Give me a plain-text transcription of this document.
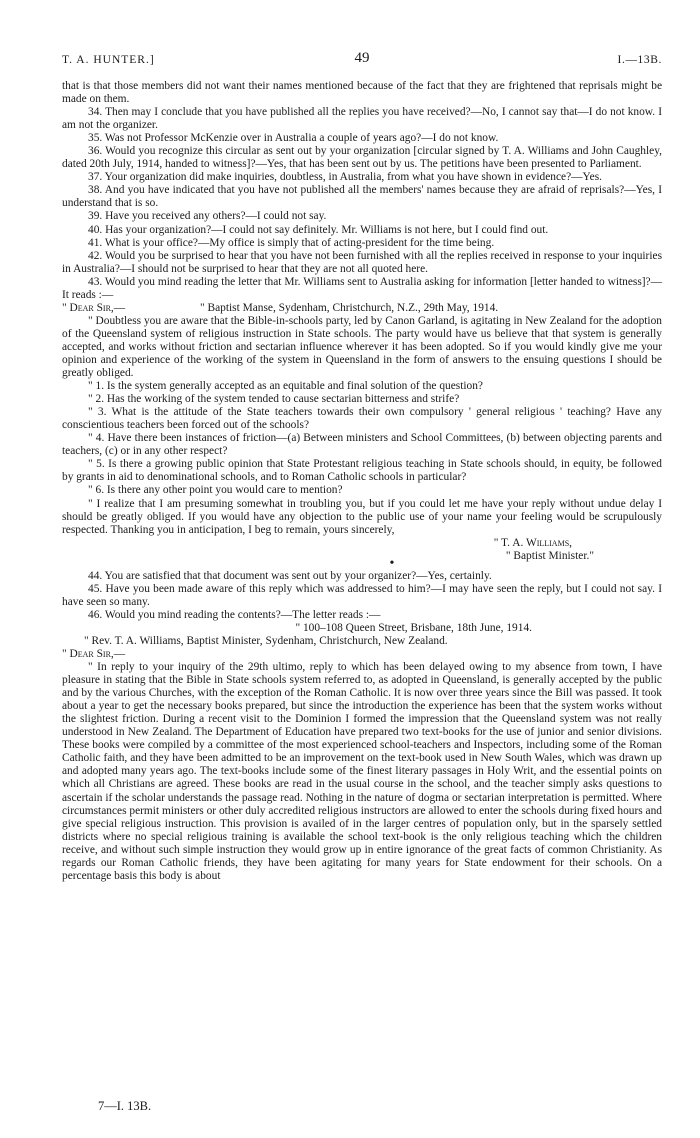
T. A. HUNTER.]	49	I.—13B.

that is that those members did not want their names mentioned because of the fact that they are frightened that reprisals might be made on them.

34. Then may I conclude that you have published all the replies you have received?—No, I cannot say that—I do not know. I am not the organizer.

35. Was not Professor McKenzie over in Australia a couple of years ago?—I do not know.

36. Would you recognize this circular as sent out by your organization [circular signed by T. A. Williams and John Caughley, dated 20th July, 1914, handed to witness]?—Yes, that has been sent out by us. The petitions have been presented to Parliament.

37. Your organization did make inquiries, doubtless, in Australia, from what you have shown in evidence?—Yes.

38. And you have indicated that you have not published all the members' names because they are afraid of reprisals?—Yes, I understand that is so.

39. Have you received any others?—I could not say.

40. Has your organization?—I could not say definitely. Mr. Williams is not here, but I could find out.

41. What is your office?—My office is simply that of acting-president for the time being.

42. Would you be surprised to hear that you have not been furnished with all the replies received in response to your inquiries in Australia?—I should not be surprised to hear that they are not all quoted here.

43. Would you mind reading the letter that Mr. Williams sent to Australia asking for information [letter handed to witness]?—It reads :—

" Dear Sir,—	" Baptist Manse, Sydenham, Christchurch, N.Z., 29th May, 1914.

" Doubtless you are aware that the Bible-in-schools party, led by Canon Garland, is agitating in New Zealand for the adoption of the Queensland system of religious instruction in State schools. The party would have us believe that that system is generally accepted, and works without friction and sectarian influence wherever it has been adopted. So if you would kindly give me your opinion and experience of the working of the system in Queensland in the form of answers to the ensuing questions I should be greatly obliged.

" 1. Is the system generally accepted as an equitable and final solution of the question?

" 2. Has the working of the system tended to cause sectarian bitterness and strife?

" 3. What is the attitude of the State teachers towards their own compulsory ' general religious ' teaching? Have any conscientious teachers been forced out of the schools?

" 4. Have there been instances of friction—(a) Between ministers and School Committees, (b) between objecting parents and teachers, (c) or in any other respect?

" 5. Is there a growing public opinion that State Protestant religious teaching in State schools should, in equity, be followed by grants in aid to denominational schools, and to Roman Catholic schools in particular?

" 6. Is there any other point you would care to mention?

" I realize that I am presuming somewhat in troubling you, but if you could let me have your reply without undue delay I should be greatly obliged. If you would have any objection to the public use of your name your feeling would be scrupulously respected. Thanking you in anticipation, I beg to remain, yours sincerely,

" T. A. Williams,

" Baptist Minister."

•

44. You are satisfied that that document was sent out by your organizer?—Yes, certainly.

45. Have you been made aware of this reply which was addressed to him?—I may have seen the reply, but I could not say. I have seen so many.

46. Would you mind reading the contents?—The letter reads :—

" 100–108 Queen Street, Brisbane, 18th June, 1914.

" Rev. T. A. Williams, Baptist Minister, Sydenham, Christchurch, New Zealand.

" Dear Sir,—

" In reply to your inquiry of the 29th ultimo, reply to which has been delayed owing to my absence from town, I have pleasure in stating that the Bible in State schools system referred to, as adopted in Queensland, is generally accepted by the public and by the various Churches, with the exception of the Roman Catholic. It is now over three years since the Bill was passed. It took about a year to get the necessary books prepared, but since the introduction the experience has been that the system works without the slightest friction. During a recent visit to the Dominion I formed the impression that the Queensland system was not really understood in New Zealand. The Department of Education have prepared two text-books for the use of junior and senior divisions. These books were compiled by a committee of the most experienced school-teachers and Inspectors, including some of the Roman Catholic faith, and they have been admitted to be an improvement on the text-book used in New South Wales, which was drawn up and adopted many years ago. The text-books include some of the finest literary passages in Holy Writ, and the essential points on which all Christians are agreed. These books are read in the usual course in the school, and the teacher simply asks questions to ascertain if the scholar understands the passage read. Nothing in the nature of dogma or sectarian interpretation is permitted. Where circumstances permit ministers or other duly accredited religious instructors are allowed to enter the schools during fixed hours and give special religious instruction. This provision is availed of in the larger centres of population only, but in the sparsely settled districts where no special religious training is available the school text-book is the only religious teaching which the children receive, and without such simple instruction they would grow up in entire ignorance of the great facts of common Christianity. As regards our Roman Catholic friends, they have been agitating for many years for State endowment for their schools. On a percentage basis this body is about

7—I. 13B.
